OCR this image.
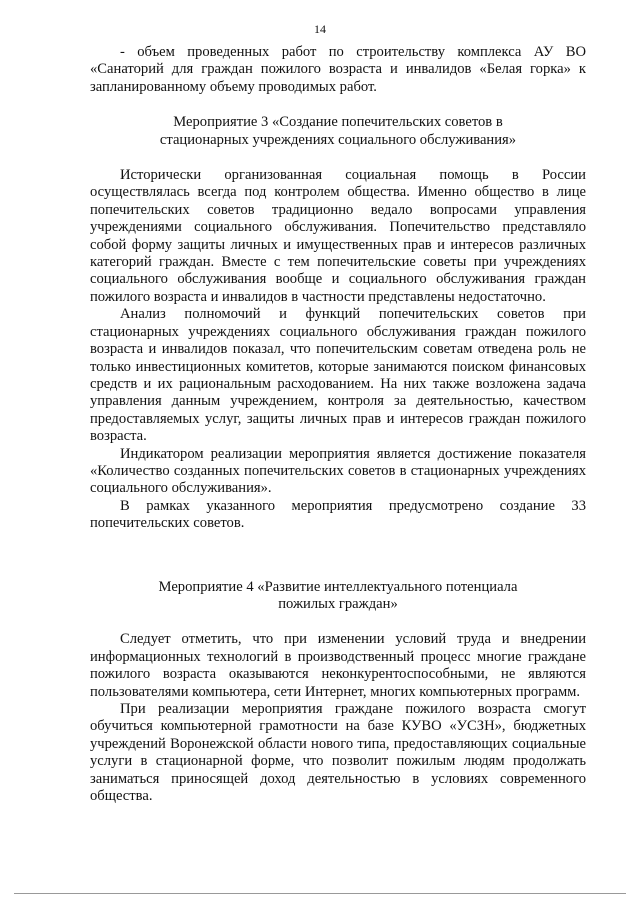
14

- объем проведенных работ по строительству комплекса АУ ВО «Санаторий для граждан пожилого возраста и инвалидов «Белая горка» к запланированному объему проводимых работ.

Мероприятие 3 «Создание попечительских советов в
стационарных учреждениях социального обслуживания»

Исторически организованная социальная помощь в России осуществлялась всегда под контролем общества. Именно общество в лице попечительских советов традиционно ведало вопросами управления учреждениями социального обслуживания. Попечительство представляло собой форму защиты личных и имущественных прав и интересов различных категорий граждан. Вместе с тем попечительские советы при учреждениях социального обслуживания вообще и социального обслуживания граждан пожилого возраста и инвалидов в частности представлены недостаточно.

Анализ полномочий и функций попечительских советов при стационарных учреждениях социального обслуживания граждан пожилого возраста и инвалидов показал, что попечительским советам отведена роль не только инвестиционных комитетов, которые занимаются поиском финансовых средств и их рациональным расходованием. На них также возложена задача управления данным учреждением, контроля за деятельностью, качеством предоставляемых услуг, защиты личных прав и интересов граждан пожилого возраста.

Индикатором реализации мероприятия является достижение показателя «Количество созданных попечительских советов в стационарных учреждениях социального обслуживания».

В рамках указанного мероприятия предусмотрено создание 33 попечительских советов.

Мероприятие 4 «Развитие интеллектуального потенциала
пожилых граждан»

Следует отметить, что при изменении условий труда и внедрении информационных технологий в производственный процесс многие граждане пожилого возраста оказываются неконкурентоспособными, не являются пользователями компьютера, сети Интернет, многих компьютерных программ.

При реализации мероприятия граждане пожилого возраста смогут обучиться компьютерной грамотности на базе КУВО «УСЗН», бюджетных учреждений Воронежской области нового типа, предоставляющих социальные услуги в стационарной форме, что позволит пожилым людям продолжать заниматься приносящей доход деятельностью в условиях современного общества.
